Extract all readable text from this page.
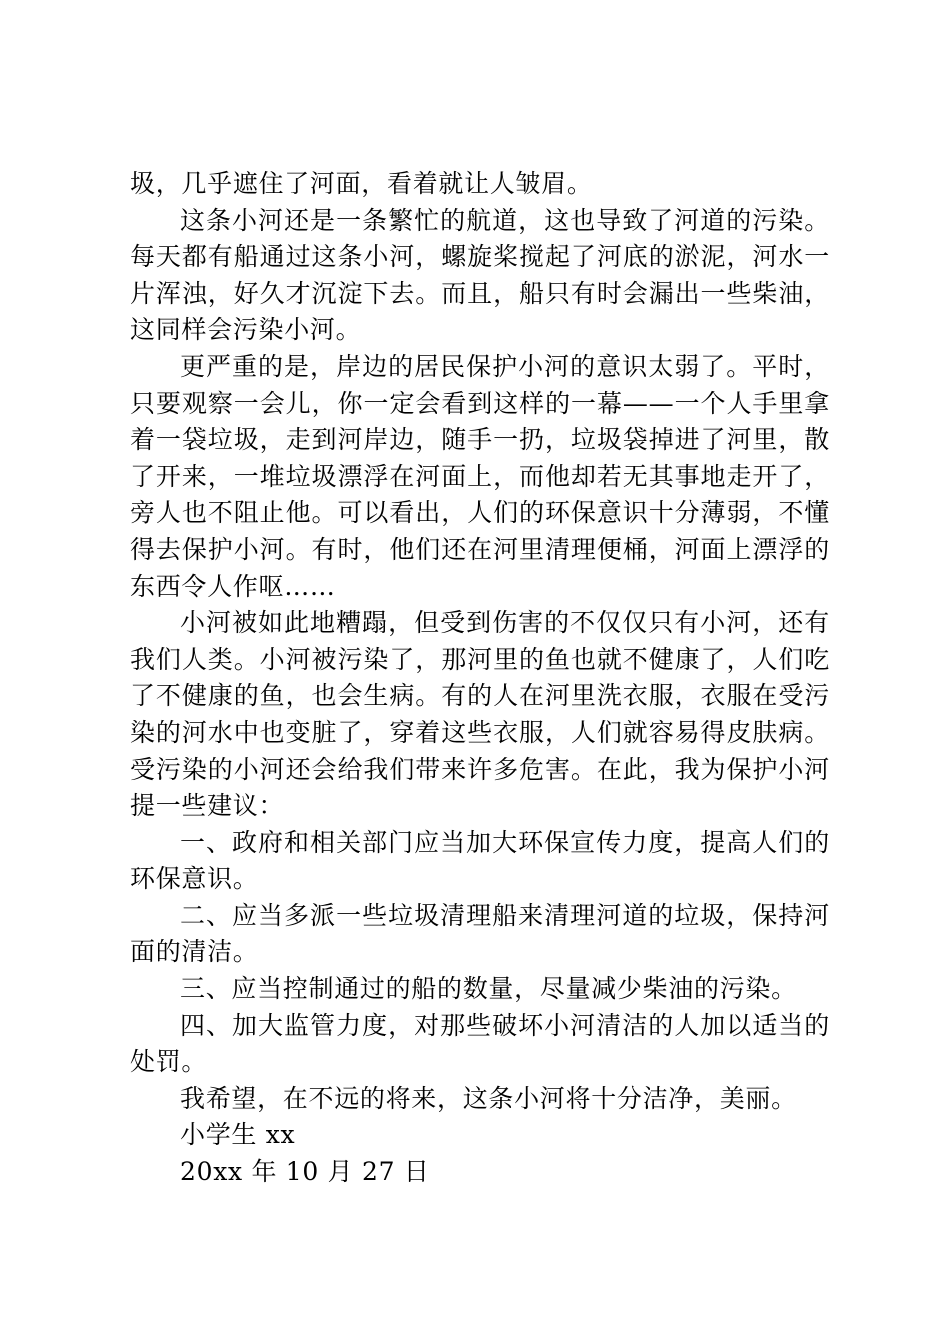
圾，几乎遮住了河面，看着就让人皱眉。

这条小河还是一条繁忙的航道，这也导致了河道的污染。每天都有船通过这条小河，螺旋桨搅起了河底的淤泥，河水一片浑浊，好久才沉淀下去。而且，船只有时会漏出一些柴油，这同样会污染小河。

更严重的是，岸边的居民保护小河的意识太弱了。平时，只要观察一会儿，你一定会看到这样的一幕——一个人手里拿着一袋垃圾，走到河岸边，随手一扔，垃圾袋掉进了河里，散了开来，一堆垃圾漂浮在河面上，而他却若无其事地走开了，旁人也不阻止他。可以看出，人们的环保意识十分薄弱，不懂得去保护小河。有时，他们还在河里清理便桶，河面上漂浮的东西令人作呕……

小河被如此地糟蹋，但受到伤害的不仅仅只有小河，还有我们人类。小河被污染了，那河里的鱼也就不健康了，人们吃了不健康的鱼，也会生病。有的人在河里洗衣服，衣服在受污染的河水中也变脏了，穿着这些衣服，人们就容易得皮肤病。受污染的小河还会给我们带来许多危害。在此，我为保护小河提一些建议：

一、政府和相关部门应当加大环保宣传力度，提高人们的环保意识。

二、应当多派一些垃圾清理船来清理河道的垃圾，保持河面的清洁。

三、应当控制通过的船的数量，尽量减少柴油的污染。

四、加大监管力度，对那些破坏小河清洁的人加以适当的处罚。

我希望，在不远的将来，这条小河将十分洁净，美丽。

小学生 xx

20xx 年 10 月 27 日
